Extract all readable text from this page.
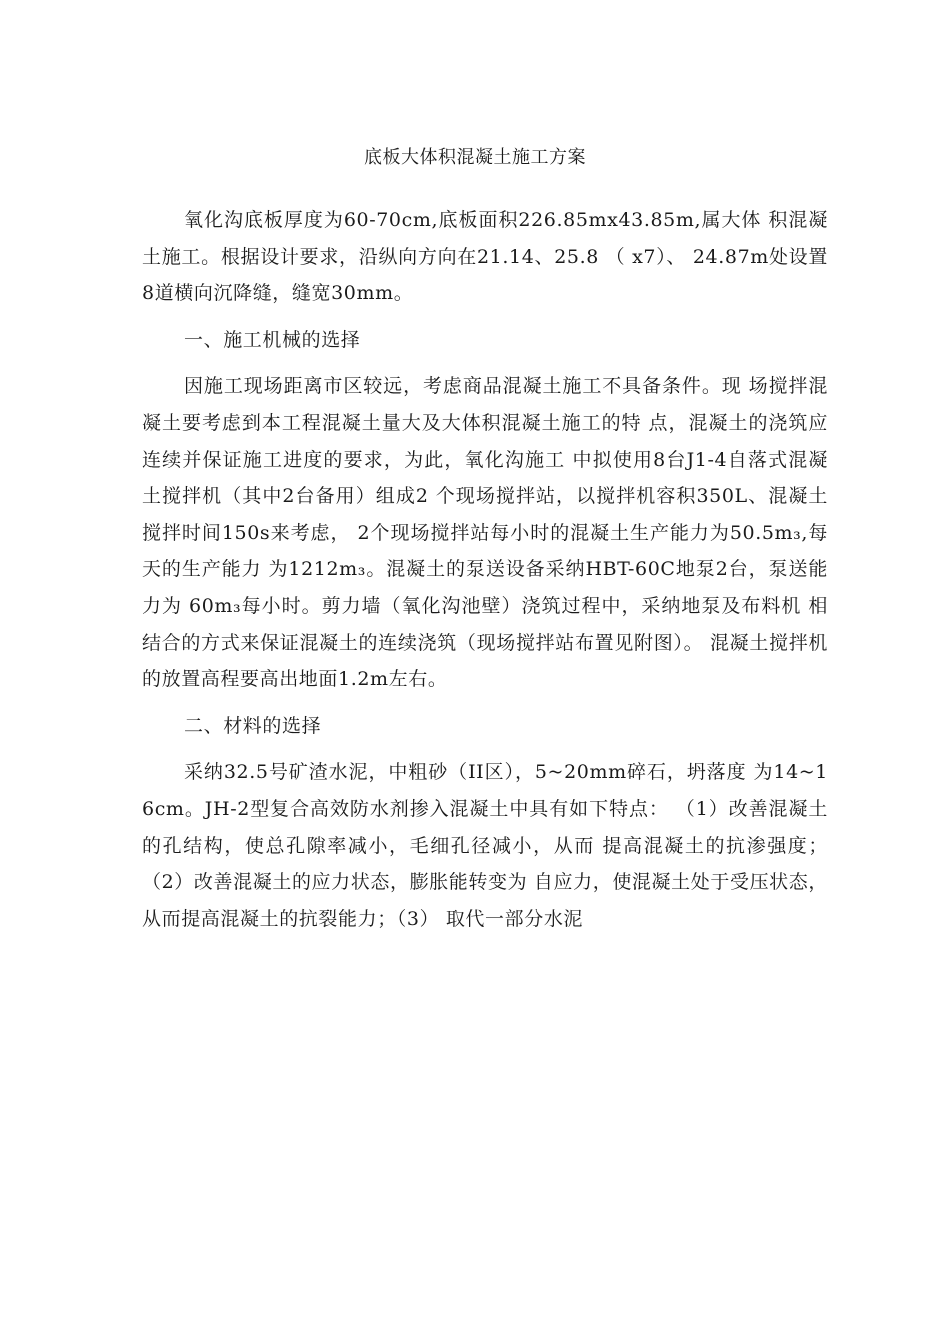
底板大体积混凝土施工方案

氧化沟底板厚度为60-70cm,底板面积226.85mx43.85m,属大体 积混凝土施工。根据设计要求，沿纵向方向在21.14、25.8 （ x7）、 24.87m处设置8道横向沉降缝，缝宽30mm。

一、施工机械的选择

因施工现场距离市区较远，考虑商品混凝土施工不具备条件。现 场搅拌混凝土要考虑到本工程混凝土量大及大体积混凝土施工的特 点，混凝土的浇筑应连续并保证施工进度的要求，为此，氧化沟施工 中拟使用8台J1-4自落式混凝土搅拌机（其中2台备用）组成2 个现场搅拌站，以搅拌机容积350L、混凝土搅拌时间150s来考虑， 2个现场搅拌站每小时的混凝土生产能力为50.5m₃,每天的生产能力 为1212m₃。混凝土的泵送设备采纳HBT-60C地泵2台，泵送能力为 60m₃每小时。剪力墙（氧化沟池壁）浇筑过程中，采纳地泵及布料机 相结合的方式来保证混凝土的连续浇筑（现场搅拌站布置见附图）。 混凝土搅拌机的放置高程要高出地面1.2m左右。

二、材料的选择

采纳32.5号矿渣水泥，中粗砂（II区），5~20mm碎石，坍落度 为14~16cm。JH-2型复合高效防水剂掺入混凝土中具有如下特点： （1）改善混凝土的孔结构，使总孔隙率减小，毛细孔径减小，从而 提高混凝土的抗渗强度；（2）改善混凝土的应力状态，膨胀能转变为 自应力，使混凝土处于受压状态，从而提高混凝土的抗裂能力；（3） 取代一部分水泥
